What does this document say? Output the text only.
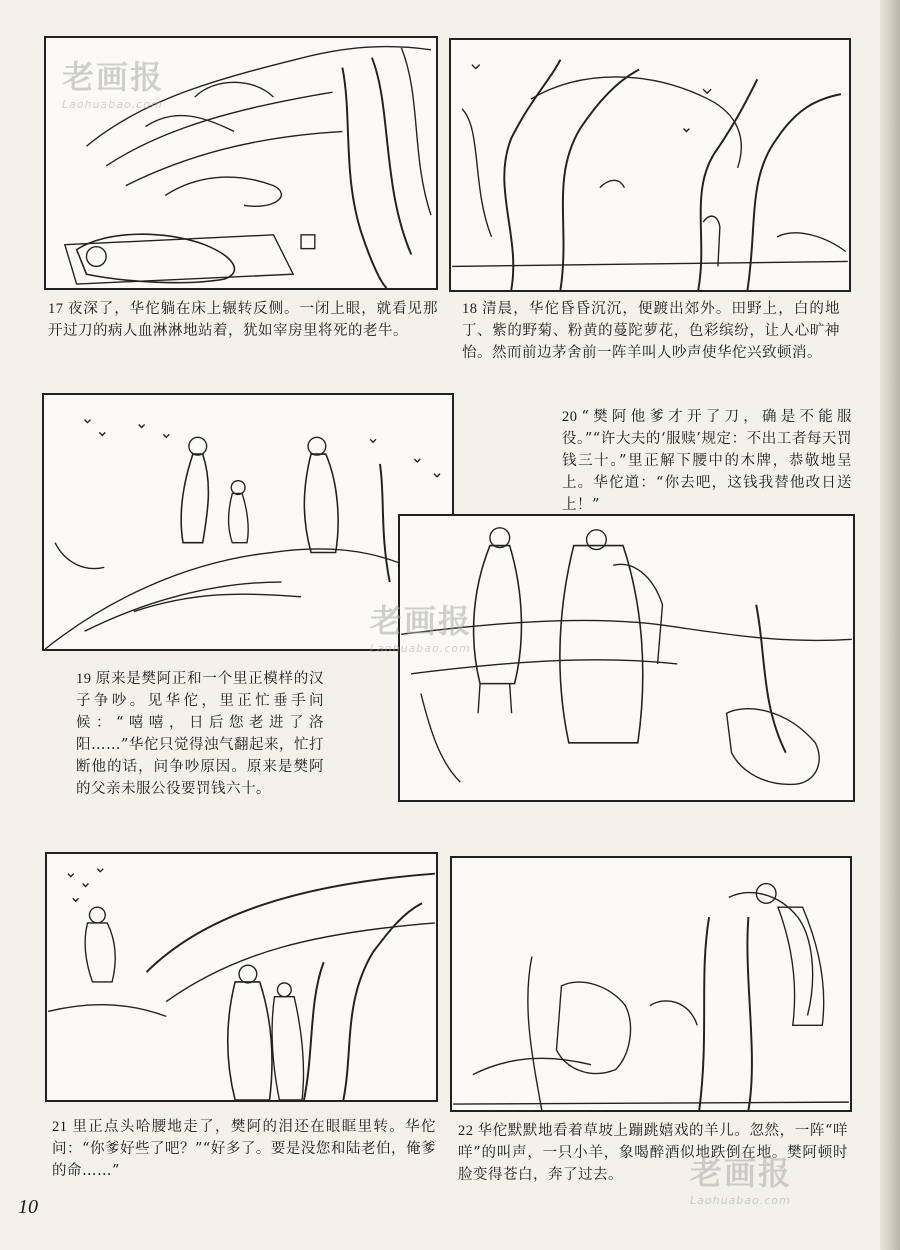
老画报
Laohuabao.com
17 夜深了，华佗躺在床上辗转反侧。一闭上眼，就看见那开过刀的病人血淋淋地站着，犹如宰房里将死的老牛。
18 清晨，华佗昏昏沉沉，便踱出郊外。田野上，白的地丁、紫的野菊、粉黄的蔓陀萝花，色彩缤纷，让人心旷神怡。然而前边茅舍前一阵羊叫人吵声使华佗兴致顿消。
20 “樊阿他爹才开了刀，确是不能服役。”“许大夫的‘服赎’规定：不出工者每天罚钱三十。”里正解下腰中的木牌，恭敬地呈上。华佗道：“你去吧，这钱我替他改日送上！”
老画报
Laohuabao.com
19 原来是樊阿正和一个里正模样的汉子争吵。见华佗，里正忙垂手问候：“嘻嘻，日后您老进了洛阳……”华佗只觉得浊气翻起来，忙打断他的话，问争吵原因。原来是樊阿的父亲未服公役要罚钱六十。
21 里正点头哈腰地走了，樊阿的泪还在眼眶里转。华佗问：“你爹好些了吧？”“好多了。要是没您和陆老伯，俺爹的命……”
22 华佗默默地看着草坡上蹦跳嬉戏的羊儿。忽然，一阵“咩咩”的叫声，一只小羊，象喝醉酒似地跌倒在地。樊阿顿时脸变得苍白，奔了过去。	老画报
Laohuabao.com
10
